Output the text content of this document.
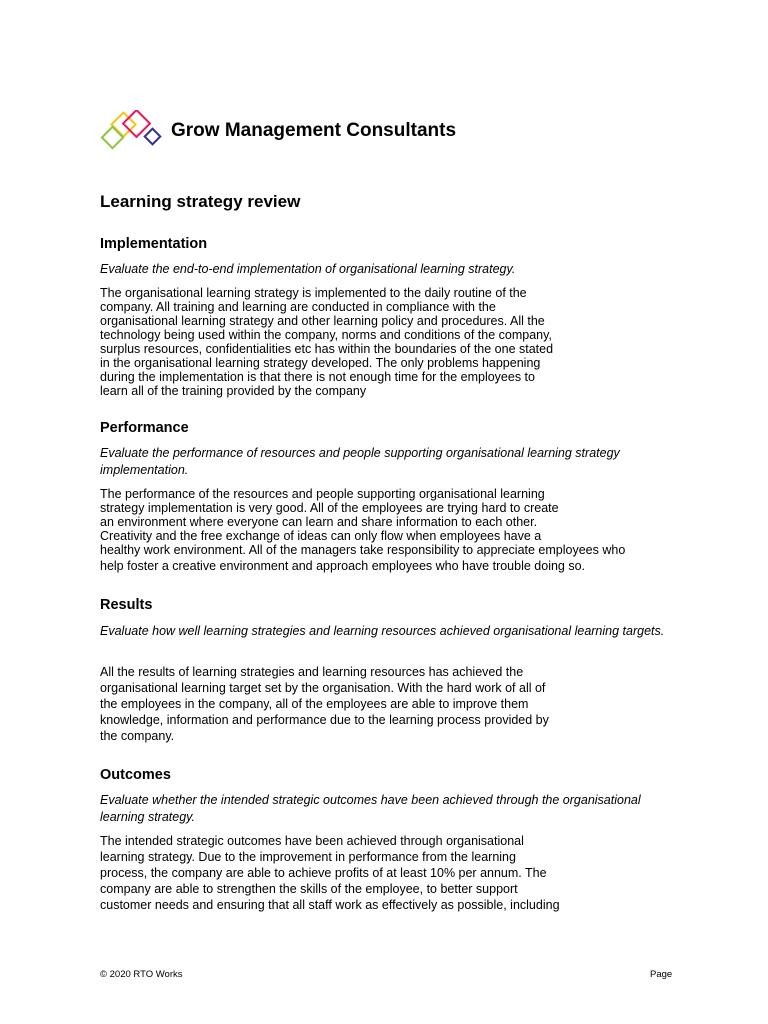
Grow Management Consultants
Learning strategy review
Implementation
Evaluate the end-to-end implementation of organisational learning strategy.
The organisational learning strategy is implemented to the daily routine of the
company. All training and learning are conducted in compliance with the
organisational learning strategy and other learning policy and procedures. All the
technology being used within the company, norms and conditions of the company,
surplus resources, confidentialities etc has within the boundaries of the one stated
in the organisational learning strategy developed. The only problems happening
during the implementation is that there is not enough time for the employees to
learn all of the training provided by the company
Performance
Evaluate the performance of resources and people supporting organisational learning strategy implementation.
The performance of the resources and people supporting organisational learning
strategy implementation is very good. All of the employees are trying hard to create
an environment where everyone can learn and share information to each other.
Creativity and the free exchange of ideas can only flow when employees have a
healthy work environment. All of the managers take responsibility to appreciate employees who
help foster a creative environment and approach employees who have trouble doing so.
Results
Evaluate how well learning strategies and learning resources achieved organisational learning targets.
All the results of learning strategies and learning resources has achieved the
organisational learning target set by the organisation. With the hard work of all of
the employees in the company, all of the employees are able to improve them
knowledge, information and performance due to the learning process provided by
the company.
Outcomes
Evaluate whether the intended strategic outcomes have been achieved through the organisational learning strategy.
The intended strategic outcomes have been achieved through organisational
learning strategy. Due to the improvement in performance from the learning
process, the company are able to achieve profits of at least 10% per annum. The
company are able to strengthen the skills of the employee, to better support
customer needs and ensuring that all staff work as effectively as possible, including
© 2020 RTO Works	Page
